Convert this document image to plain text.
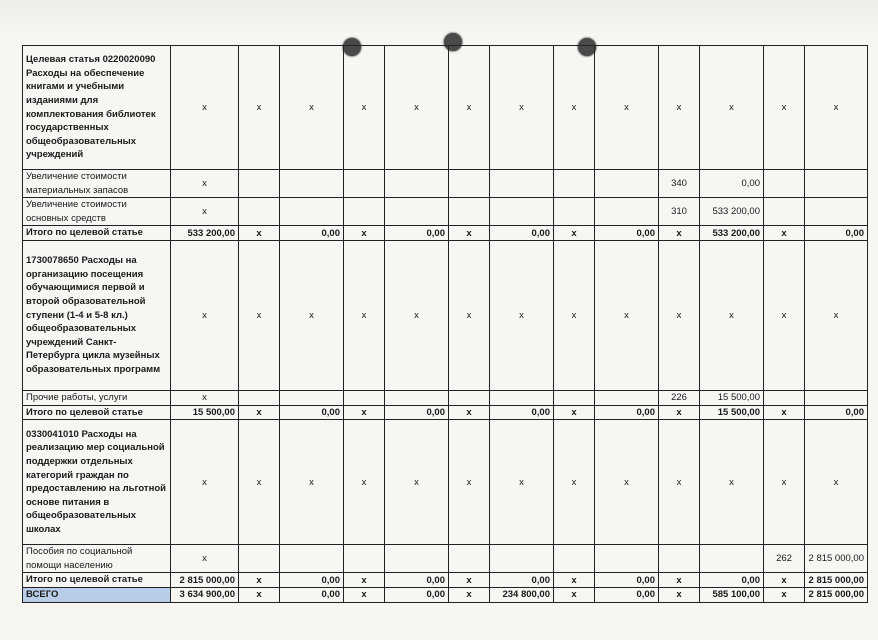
Целевая статья 0220020090 Расходы на обеспечение книгами и учебными изданиями для комплектования библиотек государственных общеобразовательных учреждений	x	x	x	x	x	x	x	x	x	x	x	x	x
Увеличение стоимости материальных запасов	x									340	0,00		
Увеличение стоимости основных средств	x									310	533 200,00		
Итого по целевой статье	533 200,00	x	0,00	x	0,00	x	0,00	x	0,00	x	533 200,00	x	0,00
1730078650 Расходы на организацию посещения обучающимися первой и второй образовательной ступени (1-4 и 5-8 кл.) общеобразовательных учреждений Санкт-Петербурга цикла музейных образовательных программ	x	x	x	x	x	x	x	x	x	x	x	x	x
Прочие работы, услуги	x									226	15 500,00		
Итого по целевой статье	15 500,00	x	0,00	x	0,00	x	0,00	x	0,00	x	15 500,00	x	0,00
0330041010 Расходы на реализацию мер социальной поддержки отдельных категорий граждан по предоставлению на льготной основе питания в общеобразовательных школах	x	x	x	x	x	x	x	x	x	x	x	x	x
Пособия по социальной помощи населению	x											262	2 815 000,00
Итого по целевой статье	2 815 000,00	x	0,00	x	0,00	x	0,00	x	0,00	x	0,00	x	2 815 000,00
ВСЕГО	3 634 900,00	x	0,00	x	0,00	x	234 800,00	x	0,00	x	585 100,00	x	2 815 000,00
